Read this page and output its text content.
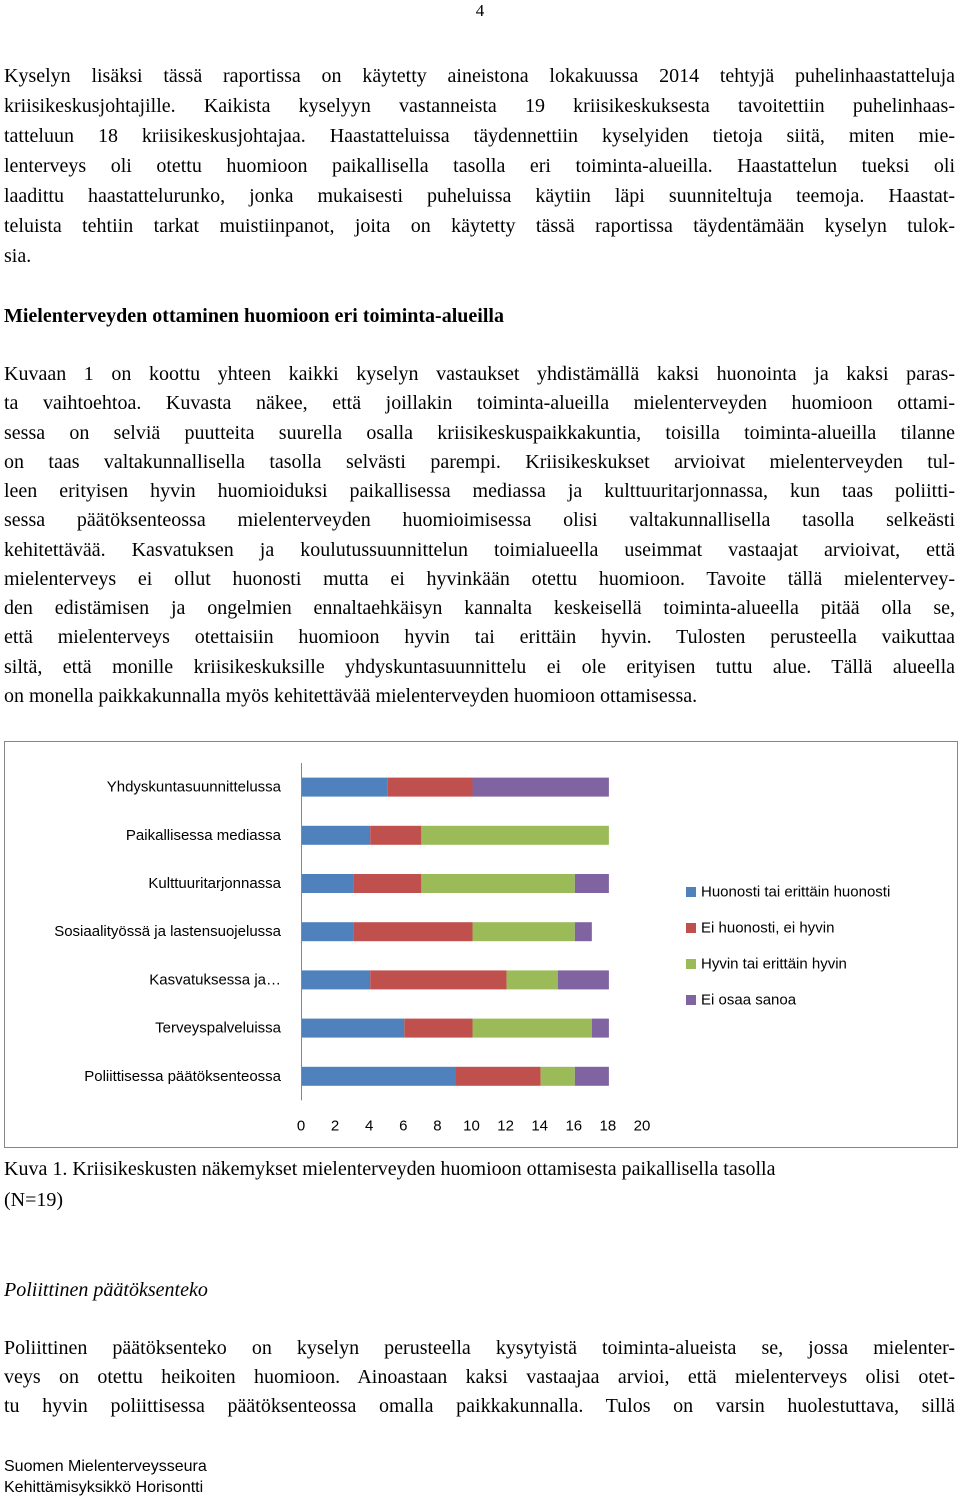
4
Kyselyn lisäksi tässä raportissa on käytetty aineistona lokakuussa 2014 tehtyjä puhelinhaastatteluja
kriisikeskusjohtajille. Kaikista kyselyyn vastanneista 19 kriisikeskuksesta tavoitettiin puhelinhaas-
tatteluun 18 kriisikeskusjohtajaa. Haastatteluissa täydennettiin kyselyiden tietoja siitä, miten mie-
lenterveys oli otettu huomioon paikallisella tasolla eri toiminta-alueilla. Haastattelun tueksi oli
laadittu haastattelurunko, jonka mukaisesti puheluissa käytiin läpi suunniteltuja teemoja. Haastat-
teluista tehtiin tarkat muistiinpanot, joita on käytetty tässä raportissa täydentämään kyselyn tulok-
sia.
Mielenterveyden ottaminen huomioon eri toiminta-alueilla
Kuvaan 1 on koottu yhteen kaikki kyselyn vastaukset yhdistämällä kaksi huonointa ja kaksi paras-
ta vaihtoehtoa. Kuvasta näkee, että joillakin toiminta-alueilla mielenterveyden huomioon ottami-
sessa on selviä puutteita suurella osalla kriisikeskuspaikkakuntia, toisilla toiminta-alueilla tilanne
on taas valtakunnallisella tasolla selvästi parempi. Kriisikeskukset arvioivat mielenterveyden tul-
leen erityisen hyvin huomioiduksi paikallisessa mediassa ja kulttuuritarjonnassa, kun taas poliitti-
sessa päätöksenteossa mielenterveyden huomioimisessa olisi valtakunnallisella tasolla selkeästi
kehitettävää. Kasvatuksen ja koulutussuunnittelun toimialueella useimmat vastaajat arvioivat, että
mielenterveys ei ollut huonosti mutta ei hyvinkään otettu huomioon. Tavoite tällä mielentervey-
den edistämisen ja ongelmien ennaltaehkäisyn kannalta keskeisellä toiminta-alueella pitää olla se,
että mielenterveys otettaisiin huomioon hyvin tai erittäin hyvin. Tulosten perusteella vaikuttaa
siltä, että monille kriisikeskuksille yhdyskuntasuunnittelu ei ole erityisen tuttu alue. Tällä alueella
on monella paikkakunnalla myös kehitettävää mielenterveyden huomioon ottamisessa.
Yhdyskuntasuunnittelussa
Paikallisessa mediassa
Kulttuuritarjonnassa
Sosiaalityössä ja lastensuojelussa
Kasvatuksessa ja…
Terveyspalveluissa
Poliittisessa päätöksenteossa
0 2 4 6 8 10 12 14 16 18 20
Huonosti tai erittäin huonosti
Ei huonosti, ei hyvin
Hyvin tai erittäin hyvin
Ei osaa sanoa
Kuva 1. Kriisikeskusten näkemykset mielenterveyden huomioon ottamisesta paikallisella tasolla
(N=19)
Poliittinen päätöksenteko
Poliittinen päätöksenteko on kyselyn perusteella kysytyistä toiminta-alueista se, jossa mielenter-
veys on otettu heikoiten huomioon. Ainoastaan kaksi vastaajaa arvioi, että mielenterveys olisi otet-
tu hyvin poliittisessa päätöksenteossa omalla paikkakunnalla. Tulos on varsin huolestuttava, sillä
Suomen Mielenterveysseura
Kehittämisyksikkö Horisontti
